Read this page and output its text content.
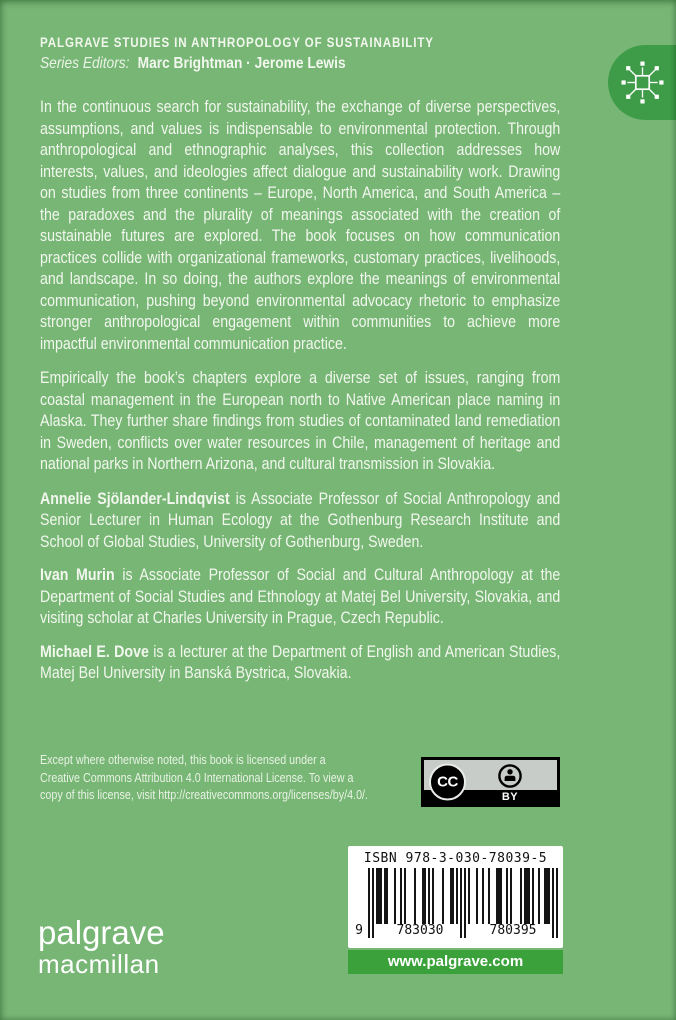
PALGRAVE STUDIES IN ANTHROPOLOGY OF SUSTAINABILITY
Series Editors: Marc Brightman · Jerome Lewis

In the continuous search for sustainability, the exchange of diverse perspectives, assumptions, and values is indispensable to environmental protection. Through anthropological and ethnographic analyses, this collection addresses how interests, values, and ideologies affect dialogue and sustainability work. Drawing on studies from three continents – Europe, North America, and South America – the paradoxes and the plurality of meanings associated with the creation of sustainable futures are explored. The book focuses on how communication practices collide with organizational frameworks, customary practices, livelihoods, and landscape. In so doing, the authors explore the meanings of environmental communication, pushing beyond environmental advocacy rhetoric to emphasize stronger anthropological engagement within communities to achieve more impactful environmental communication practice.

Empirically the book’s chapters explore a diverse set of issues, ranging from coastal management in the European north to Native American place naming in Alaska. They further share findings from studies of contaminated land remediation in Sweden, conflicts over water resources in Chile, management of heritage and national parks in Northern Arizona, and cultural transmission in Slovakia.

Annelie Sjölander-Lindqvist is Associate Professor of Social Anthropology and Senior Lecturer in Human Ecology at the Gothenburg Research Institute and School of Global Studies, University of Gothenburg, Sweden.

Ivan Murin is Associate Professor of Social and Cultural Anthropology at the Department of Social Studies and Ethnology at Matej Bel University, Slovakia, and visiting scholar at Charles University in Prague, Czech Republic.

Michael E. Dove is a lecturer at the Department of English and American Studies, Matej Bel University in Banská Bystrica, Slovakia.

Except where otherwise noted, this book is licensed under a Creative Commons Attribution 4.0 International License. To view a copy of this license, visit http://creativecommons.org/licenses/by/4.0/.
CC
BY
ISBN 978-3-030-78039-5
9	783030	780395
www.palgrave.com
palgrave
macmillan
